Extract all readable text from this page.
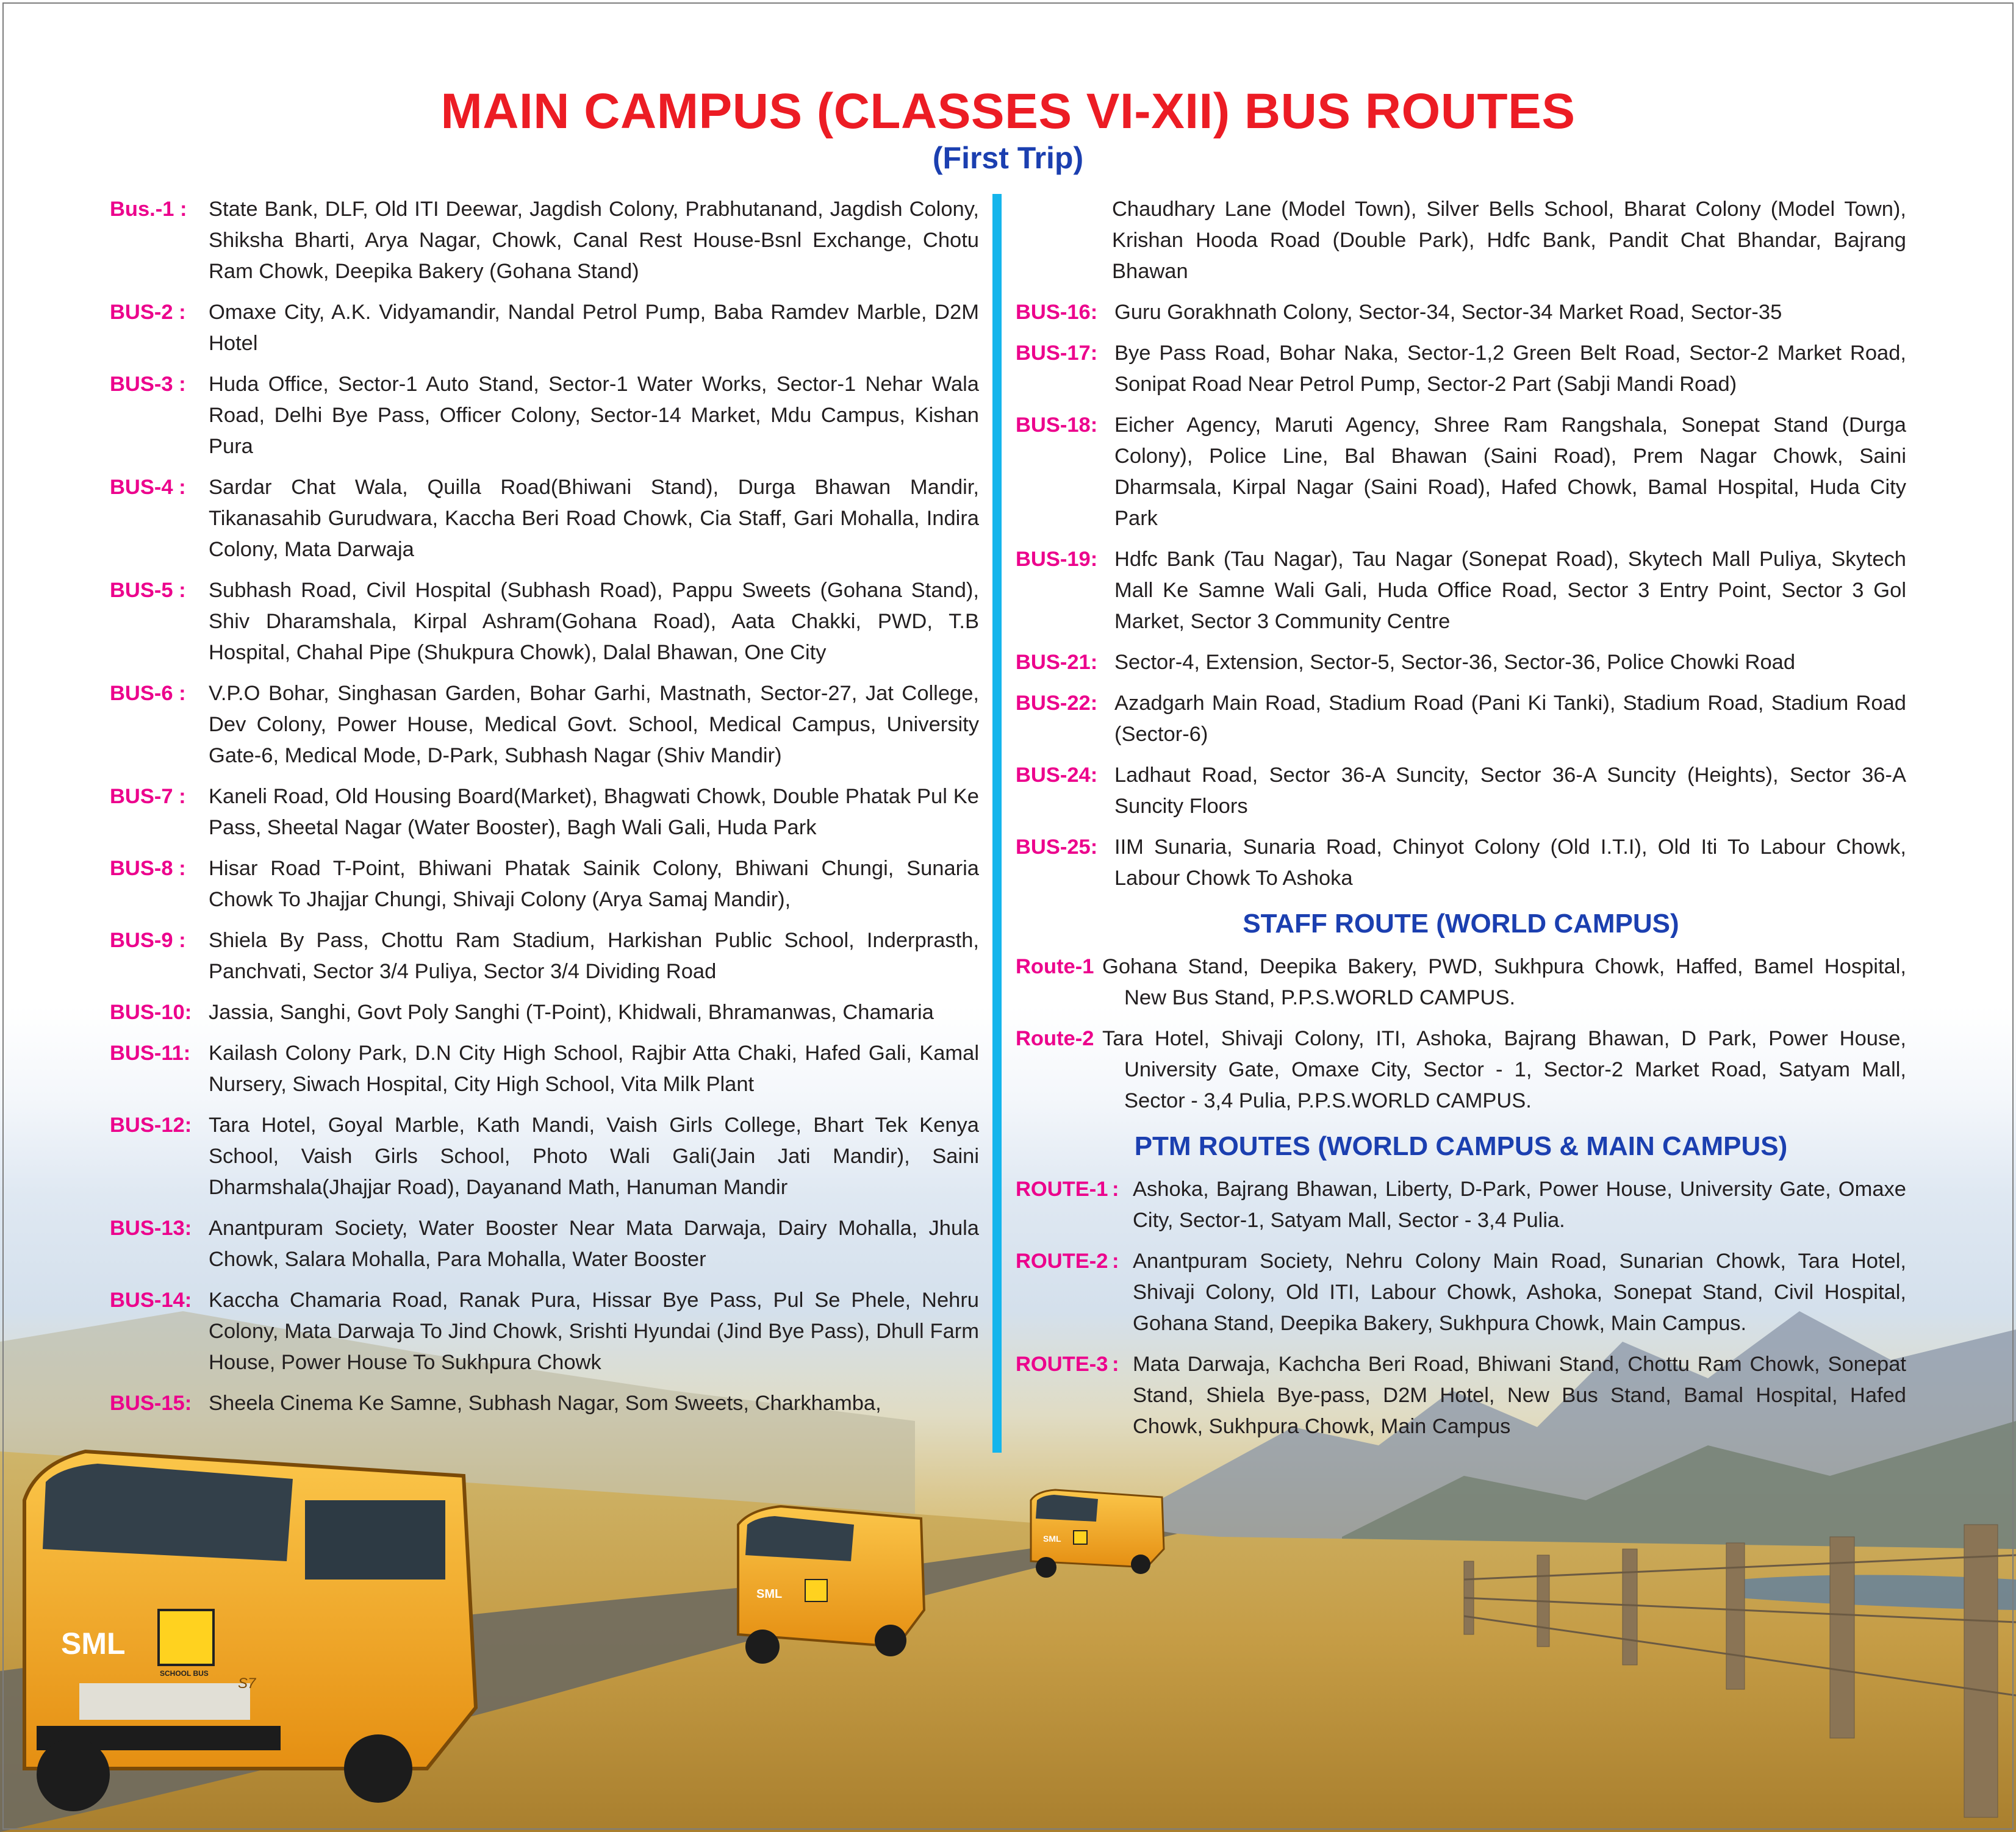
SML
S7
SCHOOL BUS
SML
SML
MAIN CAMPUS (CLASSES VI-XII) BUS ROUTES
(First Trip)
Bus.-1 :	State Bank, DLF, Old ITI Deewar, Jagdish Colony, Prabhutanand, Jagdish Colony, Shiksha Bharti, Arya Nagar, Chowk, Canal Rest House-Bsnl Exchange, Chotu Ram Chowk, Deepika Bakery (Gohana Stand)
BUS-2 :	Omaxe City, A.K. Vidyamandir, Nandal Petrol Pump, Baba Ramdev Marble, D2M Hotel
BUS-3 :	Huda Office, Sector-1 Auto Stand, Sector-1 Water Works, Sector-1 Nehar Wala Road, Delhi Bye Pass, Officer Colony, Sector-14 Market, Mdu Campus, Kishan Pura
BUS-4 :	Sardar Chat Wala, Quilla Road(Bhiwani Stand), Durga Bhawan Mandir, Tikanasahib Gurudwara, Kaccha Beri Road Chowk, Cia Staff, Gari Mohalla, Indira Colony, Mata Darwaja
BUS-5 :	Subhash Road, Civil Hospital (Subhash Road), Pappu Sweets (Gohana Stand), Shiv Dharamshala, Kirpal Ashram(Gohana Road), Aata Chakki, PWD, T.B Hospital, Chahal Pipe (Shukpura Chowk), Dalal Bhawan, One City
BUS-6 :	V.P.O Bohar, Singhasan Garden, Bohar Garhi, Mastnath, Sector-27, Jat College, Dev Colony, Power House, Medical Govt. School, Medical Campus, University Gate-6, Medical Mode, D-Park, Subhash Nagar (Shiv Mandir)
BUS-7 :	Kaneli Road, Old Housing Board(Market), Bhagwati Chowk, Double Phatak Pul Ke Pass, Sheetal Nagar (Water Booster), Bagh Wali Gali, Huda Park
BUS-8 :	Hisar Road T-Point, Bhiwani Phatak Sainik Colony, Bhiwani Chungi, Sunaria Chowk To Jhajjar Chungi, Shivaji Colony (Arya Samaj Mandir),
BUS-9 :	Shiela By Pass, Chottu Ram Stadium, Harkishan Public School, Inderprasth, Panchvati, Sector 3/4 Puliya, Sector 3/4 Dividing Road
BUS-10: Jassia, Sanghi, Govt Poly Sanghi (T-Point), Khidwali, Bhramanwas, Chamaria
BUS-11: Kailash Colony Park, D.N City High School, Rajbir Atta Chaki, Hafed Gali, Kamal Nursery, Siwach Hospital, City High School, Vita Milk Plant
BUS-12: Tara Hotel, Goyal Marble, Kath Mandi, Vaish Girls College, Bhart Tek Kenya School, Vaish Girls School, Photo Wali Gali(Jain Jati Mandir), Saini Dharmshala(Jhajjar Road), Dayanand Math, Hanuman Mandir
BUS-13: Anantpuram Society, Water Booster Near Mata Darwaja, Dairy Mohalla, Jhula Chowk, Salara Mohalla, Para Mohalla, Water Booster
BUS-14: Kaccha Chamaria Road, Ranak Pura, Hissar Bye Pass, Pul Se Phele, Nehru Colony, Mata Darwaja To Jind Chowk, Srishti Hyundai (Jind Bye Pass), Dhull Farm House, Power House To Sukhpura Chowk
BUS-15: Sheela Cinema Ke Samne, Subhash Nagar, Som Sweets, Charkhamba,
Chaudhary Lane (Model Town), Silver Bells School, Bharat Colony (Model Town), Krishan Hooda Road (Double Park), Hdfc Bank, Pandit Chat Bhandar, Bajrang Bhawan
BUS-16: Guru Gorakhnath Colony, Sector-34, Sector-34 Market Road, Sector-35
BUS-17: Bye Pass Road, Bohar Naka, Sector-1,2 Green Belt Road, Sector-2 Market Road, Sonipat Road Near Petrol Pump, Sector-2 Part (Sabji Mandi Road)
BUS-18: Eicher Agency, Maruti Agency, Shree Ram Rangshala, Sonepat Stand (Durga Colony), Police Line, Bal Bhawan (Saini Road), Prem Nagar Chowk, Saini Dharmsala, Kirpal Nagar (Saini Road), Hafed Chowk, Bamal Hospital, Huda City Park
BUS-19: Hdfc Bank (Tau Nagar), Tau Nagar (Sonepat Road), Skytech Mall Puliya, Skytech Mall Ke Samne Wali Gali, Huda Office Road, Sector 3 Entry Point, Sector 3 Gol Market, Sector 3 Community Centre
BUS-21: Sector-4, Extension, Sector-5, Sector-36, Sector-36, Police Chowki Road
BUS-22: Azadgarh Main Road, Stadium Road (Pani Ki Tanki), Stadium Road, Stadium Road (Sector-6)
BUS-24: Ladhaut Road, Sector 36-A Suncity, Sector 36-A Suncity (Heights), Sector 36-A Suncity Floors
BUS-25: IIM Sunaria, Sunaria Road, Chinyot Colony (Old I.T.I), Old Iti To Labour Chowk, Labour Chowk To Ashoka
STAFF ROUTE (WORLD CAMPUS)
Route-1 Gohana Stand, Deepika Bakery, PWD, Sukhpura Chowk, Haffed, Bamel Hospital, New Bus Stand, P.P.S.WORLD CAMPUS.
Route-2 Tara Hotel, Shivaji Colony, ITI, Ashoka, Bajrang Bhawan, D Park, Power House, University Gate, Omaxe City, Sector - 1, Sector-2 Market Road, Satyam Mall, Sector - 3,4 Pulia, P.P.S.WORLD CAMPUS.
PTM ROUTES (WORLD CAMPUS & MAIN CAMPUS)
ROUTE-1 : Ashoka, Bajrang Bhawan, Liberty, D-Park, Power House, University Gate, Omaxe City, Sector-1, Satyam Mall, Sector - 3,4 Pulia.
ROUTE-2 : Anantpuram Society, Nehru Colony Main Road, Sunarian Chowk, Tara Hotel, Shivaji Colony, Old ITI, Labour Chowk, Ashoka, Sonepat Stand, Civil Hospital, Gohana Stand, Deepika Bakery, Sukhpura Chowk, Main Campus.
ROUTE-3 : Mata Darwaja, Kachcha Beri Road, Bhiwani Stand, Chottu Ram Chowk, Sonepat Stand, Shiela Bye-pass, D2M Hotel, New Bus Stand, Bamal Hospital, Hafed Chowk, Sukhpura Chowk, Main Campus
